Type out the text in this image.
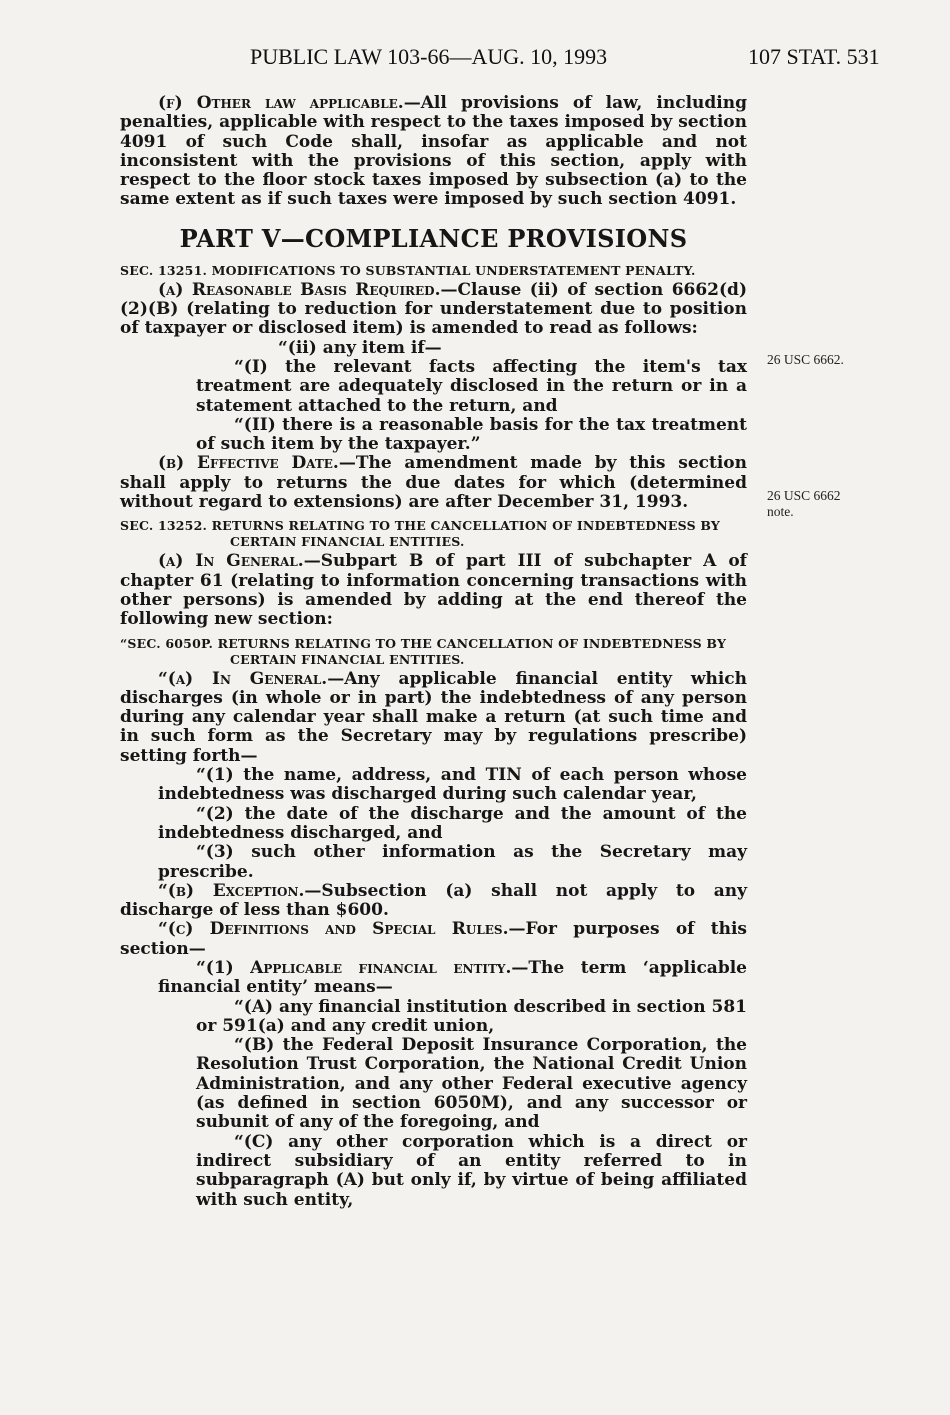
PUBLIC LAW 103-66—AUG. 10, 1993	107 STAT. 531

(f) Other law applicable.—All provisions of law, including penalties, applicable with respect to the taxes imposed by section 4091 of such Code shall, insofar as applicable and not inconsistent with the provisions of this section, apply with respect to the floor stock taxes imposed by subsection (a) to the same extent as if such taxes were imposed by such section 4091.

PART V—COMPLIANCE PROVISIONS
SEC. 13251. MODIFICATIONS TO SUBSTANTIAL UNDERSTATEMENT PENALTY.

(a) Reasonable Basis Required.—Clause (ii) of section 6662(d)(2)(B) (relating to reduction for understatement due to position of taxpayer or disclosed item) is amended to read as follows:

“(ii) any item if—

“(I) the relevant facts affecting the item's tax treatment are adequately disclosed in the return or in a statement attached to the return, and

“(II) there is a reasonable basis for the tax treatment of such item by the taxpayer.”

(b) Effective Date.—The amendment made by this section shall apply to returns the due dates for which (determined without regard to extensions) are after December 31, 1993.

SEC. 13252. RETURNS RELATING TO THE CANCELLATION OF INDEBTEDNESS BY CERTAIN FINANCIAL ENTITIES.

(a) In General.—Subpart B of part III of subchapter A of chapter 61 (relating to information concerning transactions with other persons) is amended by adding at the end thereof the following new section:

“SEC. 6050P. RETURNS RELATING TO THE CANCELLATION OF INDEBTEDNESS BY CERTAIN FINANCIAL ENTITIES.

“(a) In General.—Any applicable financial entity which discharges (in whole or in part) the indebtedness of any person during any calendar year shall make a return (at such time and in such form as the Secretary may by regulations prescribe) setting forth—

“(1) the name, address, and TIN of each person whose indebtedness was discharged during such calendar year,

“(2) the date of the discharge and the amount of the indebtedness discharged, and

“(3) such other information as the Secretary may prescribe.

“(b) Exception.—Subsection (a) shall not apply to any discharge of less than $600.

“(c) Definitions and Special Rules.—For purposes of this section—

“(1) Applicable financial entity.—The term ‘applicable financial entity’ means—

“(A) any financial institution described in section 581 or 591(a) and any credit union,

“(B) the Federal Deposit Insurance Corporation, the Resolution Trust Corporation, the National Credit Union Administration, and any other Federal executive agency (as defined in section 6050M), and any successor or subunit of any of the foregoing, and

“(C) any other corporation which is a direct or indirect subsidiary of an entity referred to in subparagraph (A) but only if, by virtue of being affiliated with such entity,

26 USC 6662.
26 USC 6662
note.
